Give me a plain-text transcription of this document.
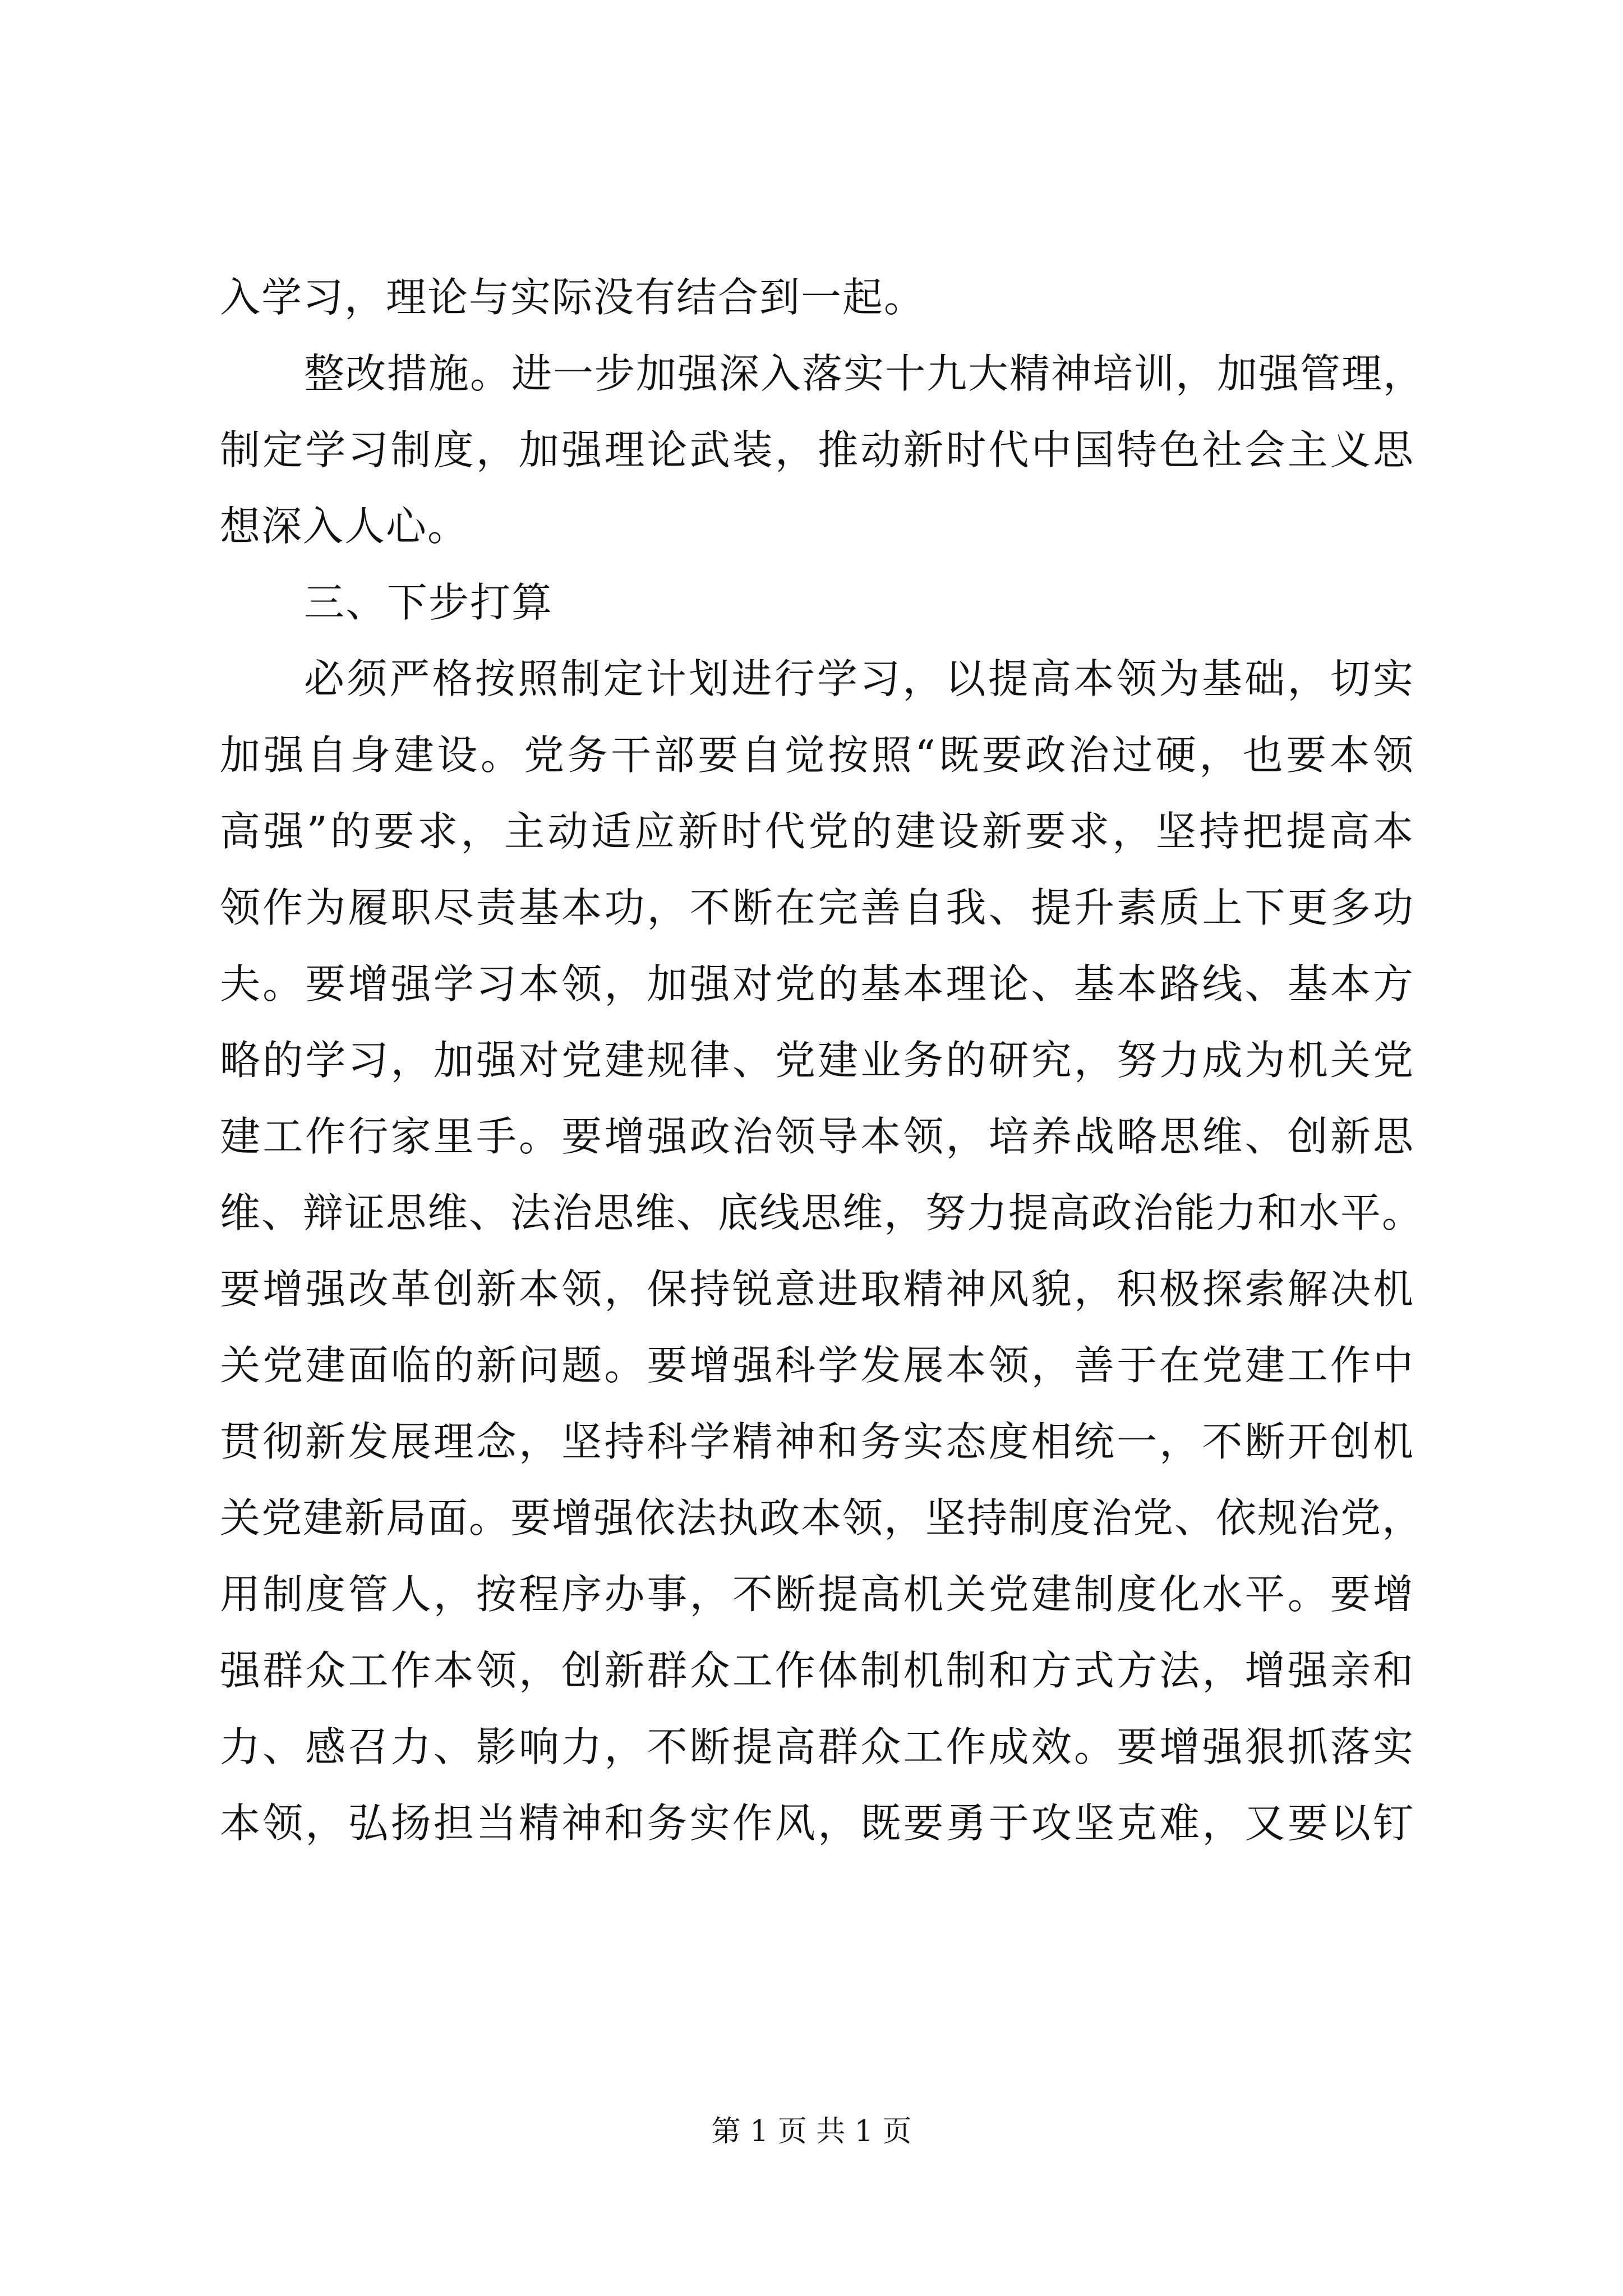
入学习，理论与实际没有结合到一起。
整改措施。进一步加强深入落实十九大精神培训，加强管理，
制定学习制度，加强理论武装，推动新时代中国特色社会主义思
想深入人心。
三、下步打算
必须严格按照制定计划进行学习，以提高本领为基础，切实
加强自身建设。党务干部要自觉按照“既要政治过硬，也要本领
高强”的要求，主动适应新时代党的建设新要求，坚持把提高本
领作为履职尽责基本功，不断在完善自我、提升素质上下更多功
夫。要增强学习本领，加强对党的基本理论、基本路线、基本方
略的学习，加强对党建规律、党建业务的研究，努力成为机关党
建工作行家里手。要增强政治领导本领，培养战略思维、创新思
维、辩证思维、法治思维、底线思维，努力提高政治能力和水平。
要增强改革创新本领，保持锐意进取精神风貌，积极探索解决机
关党建面临的新问题。要增强科学发展本领，善于在党建工作中
贯彻新发展理念，坚持科学精神和务实态度相统一，不断开创机
关党建新局面。要增强依法执政本领，坚持制度治党、依规治党，
用制度管人，按程序办事，不断提高机关党建制度化水平。要增
强群众工作本领，创新群众工作体制机制和方式方法，增强亲和
力、感召力、影响力，不断提高群众工作成效。要增强狠抓落实
本领，弘扬担当精神和务实作风，既要勇于攻坚克难，又要以钉
第 1 页 共 1 页
